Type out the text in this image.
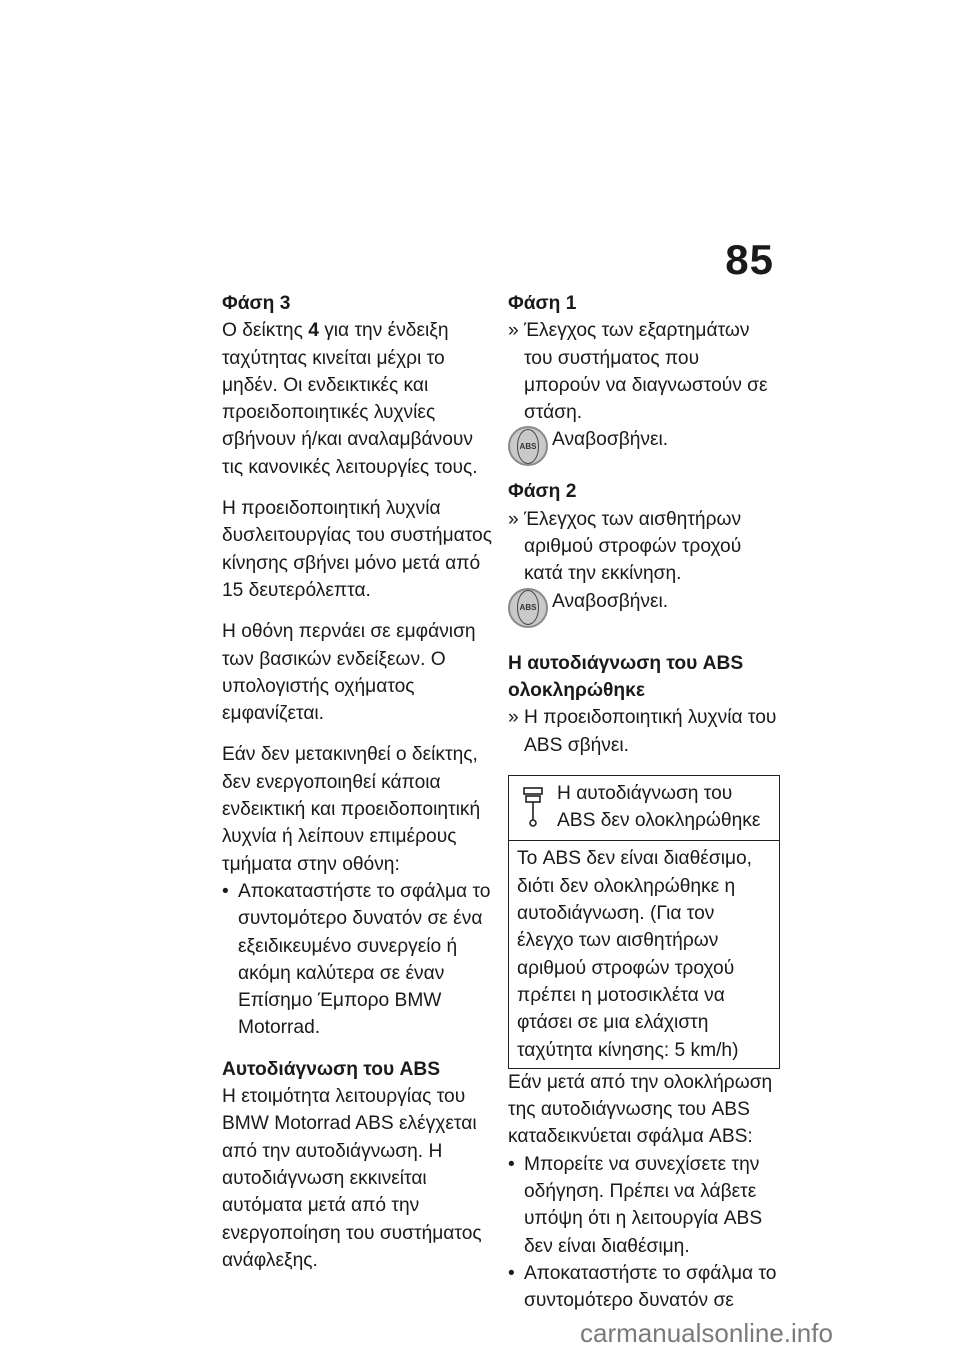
85
Φάση 3

Ο δείκτης 4 για την ένδειξη ταχύτητας κινείται μέχρι το μηδέν. Οι ενδεικτικές και προειδοποιητικές λυχνίες σβήνουν ή/και αναλαμβάνουν τις κανονικές λειτουργίες τους.

Η προειδοποιητική λυχνία δυσλειτουργίας του συστήματος κίνησης σβήνει μόνο μετά από 15 δευτερόλεπτα.

Η οθόνη περνάει σε εμφάνιση των βασικών ενδείξεων. Ο υπολογιστής οχήματος εμφανίζεται.

Εάν δεν μετακινηθεί ο δείκτης, δεν ενεργοποιηθεί κάποια ενδεικτική και προειδοποιητική λυχνία ή λείπουν επιμέρους τμήματα στην οθόνη:

• Αποκαταστήστε το σφάλμα το συντομότερο δυνατόν σε ένα εξειδικευμένο συνεργείο ή ακόμη καλύτερα σε έναν Επίσημο Έμπορο BMW Motorrad.

Αυτοδιάγνωση του ABS

Η ετοιμότητα λειτουργίας του BMW Motorrad ABS ελέγχεται από την αυτοδιάγνωση. Η αυτοδιάγνωση εκκινείται αυτόματα μετά από την ενεργοποίηση του συστήματος ανάφλεξης.

Φάση 1

» Έλεγχος των εξαρτημάτων του συστήματος που μπορούν να διαγνωστούν σε στάση.

ABS Αναβοσβήνει.
Φάση 2

» Έλεγχος των αισθητήρων αριθμού στροφών τροχού κατά την εκκίνηση.

ABS Αναβοσβήνει.
Η αυτοδιάγνωση του ABS ολοκληρώθηκε

» Η προειδοποιητική λυχνία του ABS σβήνει.

Η αυτοδιάγνωση του ABS δεν ολοκληρώθηκε
Το ABS δεν είναι διαθέσιμο, διότι δεν ολοκληρώθηκε η αυτοδιάγνωση. (Για τον έλεγχο των αισθητήρων αριθμού στροφών τροχού πρέπει η μοτοσικλέτα να φτάσει σε μια ελάχιστη ταχύτητα κίνησης: 5 km/h)

Εάν μετά από την ολοκλήρωση της αυτοδιάγνωσης του ABS καταδεικνύεται σφάλμα ABS:

• Μπορείτε να συνεχίσετε την οδήγηση. Πρέπει να λάβετε υπόψη ότι η λειτουργία ABS δεν είναι διαθέσιμη.

• Αποκαταστήστε το σφάλμα το συντομότερο δυνατόν σε

carmanualsonline.info
